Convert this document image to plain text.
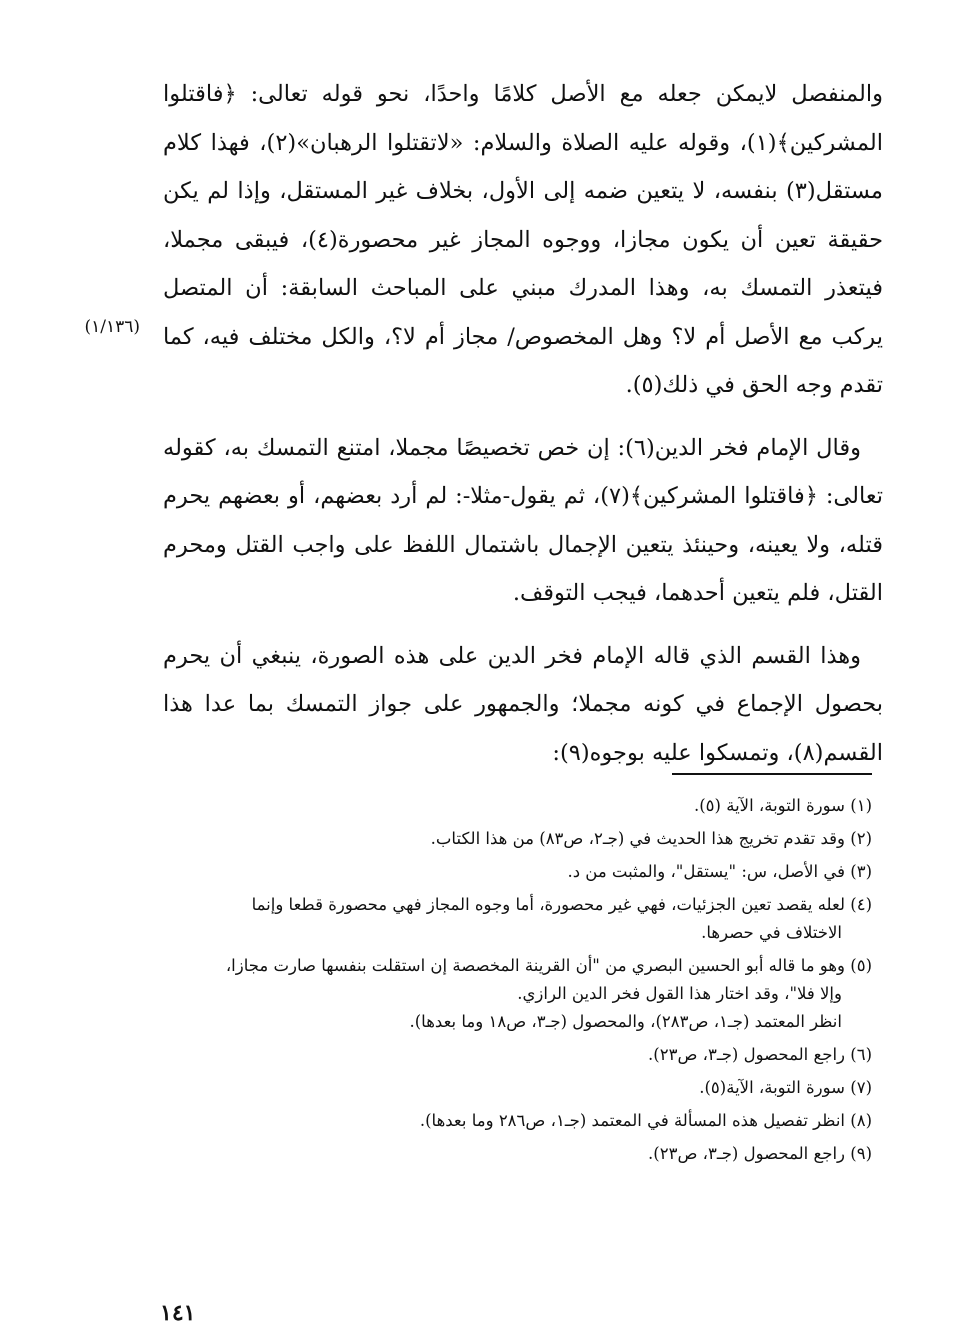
والمنفصل لايمكن جعله مع الأصل كلامًا واحدًا، نحو قوله تعالى: ﴿فاقتلوا المشركين﴾(١)، وقوله عليه الصلاة والسلام: «لاتقتلوا الرهبان»(٢)، فهذا كلام مستقل(٣) بنفسه، لا يتعين ضمه إلى الأول، بخلاف غير المستقل، وإذا لم يكن حقيقة تعين أن يكون مجازا، ووجوه المجاز غير محصورة(٤)، فيبقى مجملا، فيتعذر التمسك به، وهذا المدرك مبني على المباحث السابقة: أن المتصل يركب مع الأصل أم لا؟ وهل المخصوص/ مجاز أم لا؟، والكل مختلف فيه، كما تقدم وجه الحق في ذلك(٥).

وقال الإمام فخر الدين(٦): إن خص تخصيصًا مجملا، امتنع التمسك به، كقوله تعالى: ﴿فاقتلوا المشركين﴾(٧)، ثم يقول-مثلا-: لم أرد بعضهم، أو بعضهم يحرم قتله، ولا يعينه، وحينئذ يتعين الإجمال باشتمال اللفظ على واجب القتل ومحرم القتل، فلم يتعين أحدهما، فيجب التوقف.

وهذا القسم الذي قاله الإمام فخر الدين على هذه الصورة، ينبغي أن يحرم بحصول الإجماع في كونه مجملا؛ والجمهور على جواز التمسك بما عدا هذا القسم(٨)، وتمسكوا عليه بوجوه(٩):

(١/١٣٦)
(١) سورة التوبة، الآية (٥).
(٢) وقد تقدم تخريج هذا الحديث في (جـ٢، ص٨٣) من هذا الكتاب.
(٣) في الأصل، س: "يستقل"، والمثبت من د.
(٤) لعله يقصد تعين الجزئيات، فهي غير محصورة، أما وجوه المجاز فهي محصورة قطعا وإنما
الاختلاف في حصرها.
(٥) وهو ما قاله أبو الحسين البصري من "أن القرينة المخصصة إن استقلت بنفسها صارت مجازا،
وإلا فلا"، وقد اختار هذا القول فخر الدين الرازي.
انظر المعتمد (جـ١، ص٢٨٣)، والمحصول (جـ٣، ص١٨ وما بعدها).
(٦) راجع المحصول (جـ٣، ص٢٣).
(٧) سورة التوبة، الآية(٥).
(٨) انظر تفصيل هذه المسألة في المعتمد (جـ١، ص٢٨٦ وما بعدها).
(٩) راجع المحصول (جـ٣، ص٢٣).
١٤١
